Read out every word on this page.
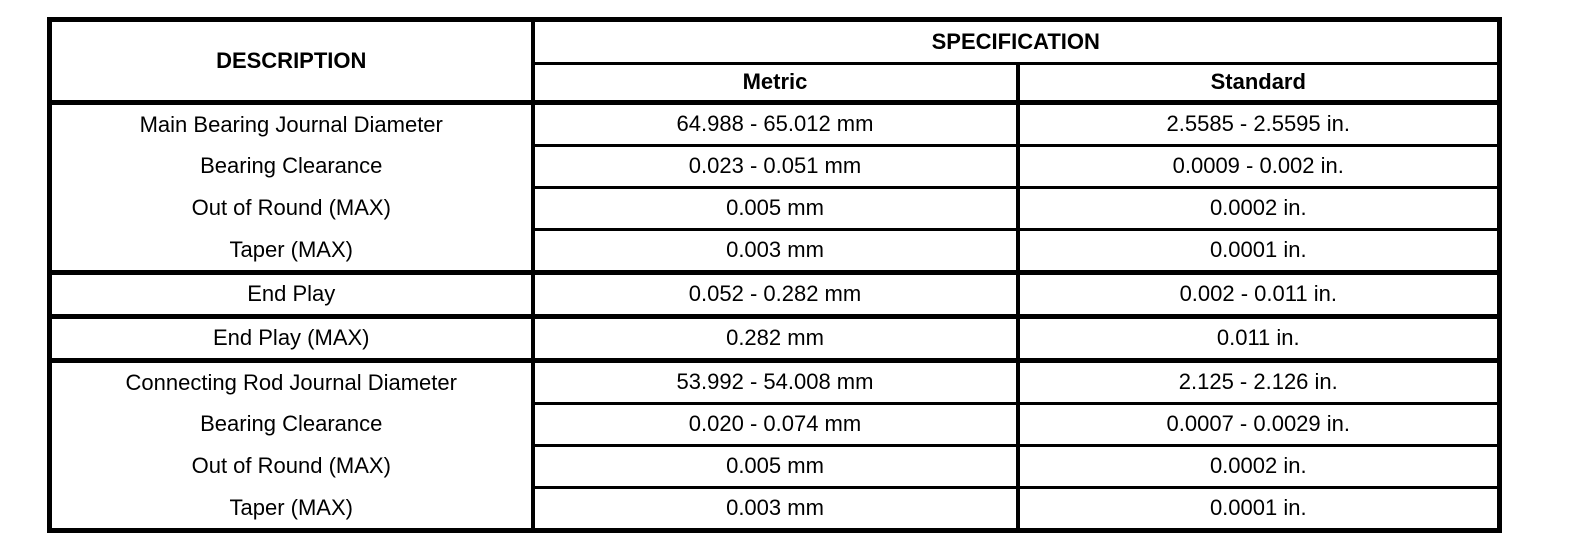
DESCRIPTION	SPECIFICATION	
	Metric	Standard
Main Bearing Journal Diameter	64.988 - 65.012 mm	2.5585 - 2.5595 in.
Bearing Clearance	0.023 - 0.051 mm	0.0009 - 0.002 in.
Out of Round (MAX)	0.005 mm	0.0002 in.
Taper (MAX)	0.003 mm	0.0001 in.
End Play	0.052 - 0.282 mm	0.002 - 0.011 in.
End Play (MAX)	0.282 mm	0.011 in.
Connecting Rod Journal Diameter	53.992 - 54.008 mm	2.125 - 2.126 in.
Bearing Clearance	0.020 - 0.074 mm	0.0007 - 0.0029 in.
Out of Round (MAX)	0.005 mm	0.0002 in.
Taper (MAX)	0.003 mm	0.0001 in.
